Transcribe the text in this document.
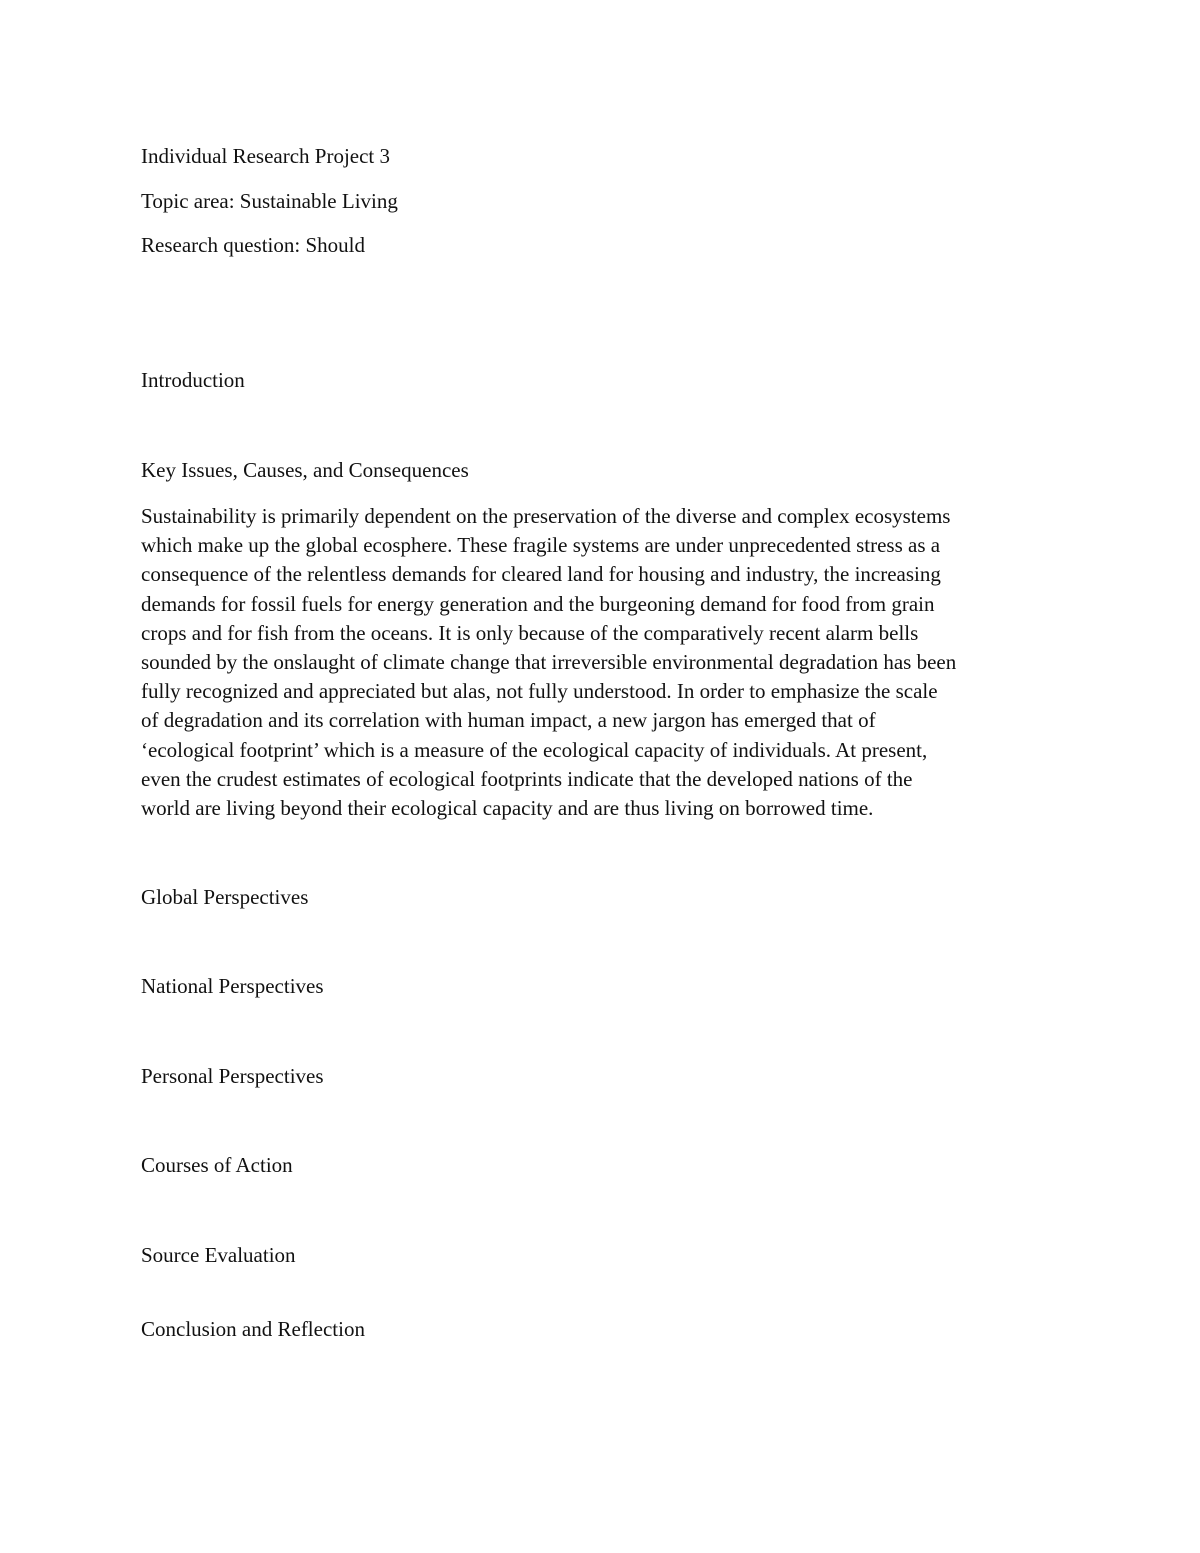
Individual Research Project 3

Topic area: Sustainable Living

Research question: Should

Introduction

Key Issues, Causes, and Consequences

Sustainability is primarily dependent on the preservation of the diverse and complex ecosystems
which make up the global ecosphere. These fragile systems are under unprecedented stress as a
consequence of the relentless demands for cleared land for housing and industry, the increasing
demands for fossil fuels for energy generation and the burgeoning demand for food from grain
crops and for fish from the oceans. It is only because of the comparatively recent alarm bells
sounded by the onslaught of climate change that irreversible environmental degradation has been
fully recognized and appreciated but alas, not fully understood. In order to emphasize the scale
of degradation and its correlation with human impact, a new jargon has emerged that of
‘ecological footprint’ which is a measure of the ecological capacity of individuals. At present,
even the crudest estimates of ecological footprints indicate that the developed nations of the
world are living beyond their ecological capacity and are thus living on borrowed time.

Global Perspectives

National Perspectives

Personal Perspectives

Courses of Action

Source Evaluation

Conclusion and Reflection
